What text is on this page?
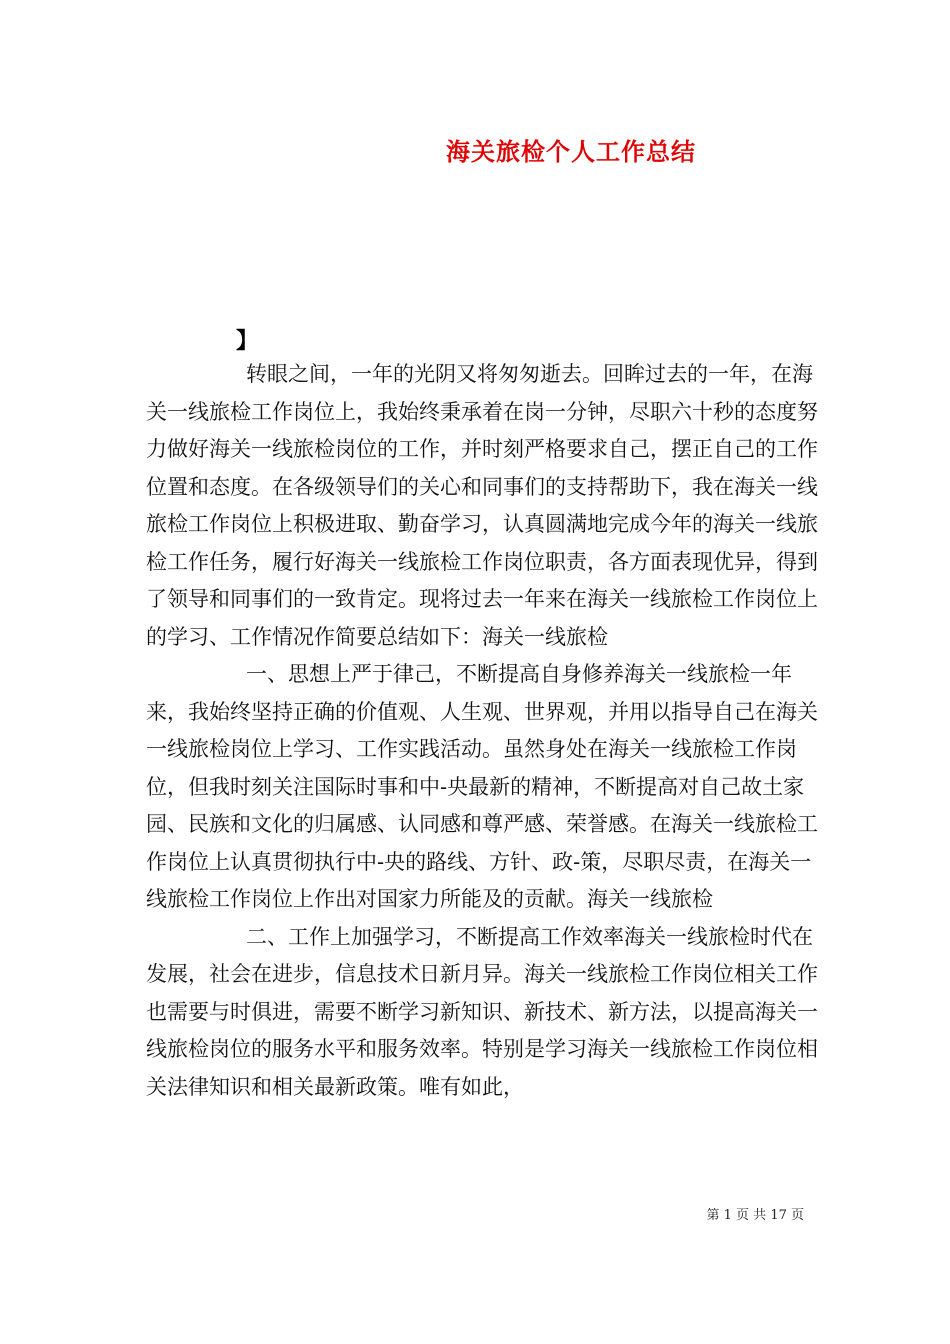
海关旅检个人工作总结
】

转眼之间，一年的光阴又将匆匆逝去。回眸过去的一年，在海关一线旅检工作岗位上，我始终秉承着在岗一分钟，尽职六十秒的态度努力做好海关一线旅检岗位的工作，并时刻严格要求自己，摆正自己的工作位置和态度。在各级领导们的关心和同事们的支持帮助下，我在海关一线旅检工作岗位上积极进取、勤奋学习，认真圆满地完成今年的海关一线旅检工作任务，履行好海关一线旅检工作岗位职责，各方面表现优异，得到了领导和同事们的一致肯定。现将过去一年来在海关一线旅检工作岗位上的学习、工作情况作简要总结如下：海关一线旅检

一、思想上严于律己，不断提高自身修养海关一线旅检一年来，我始终坚持正确的价值观、人生观、世界观，并用以指导自己在海关一线旅检岗位上学习、工作实践活动。虽然身处在海关一线旅检工作岗位，但我时刻关注国际时事和中-央最新的精神，不断提高对自己故土家园、民族和文化的归属感、认同感和尊严感、荣誉感。在海关一线旅检工作岗位上认真贯彻执行中-央的路线、方针、政-策，尽职尽责，在海关一线旅检工作岗位上作出对国家力所能及的贡献。海关一线旅检

二、工作上加强学习，不断提高工作效率海关一线旅检时代在发展，社会在进步，信息技术日新月异。海关一线旅检工作岗位相关工作也需要与时俱进，需要不断学习新知识、新技术、新方法，以提高海关一线旅检岗位的服务水平和服务效率。特别是学习海关一线旅检工作岗位相关法律知识和相关最新政策。唯有如此，

第 1 页 共 17 页
